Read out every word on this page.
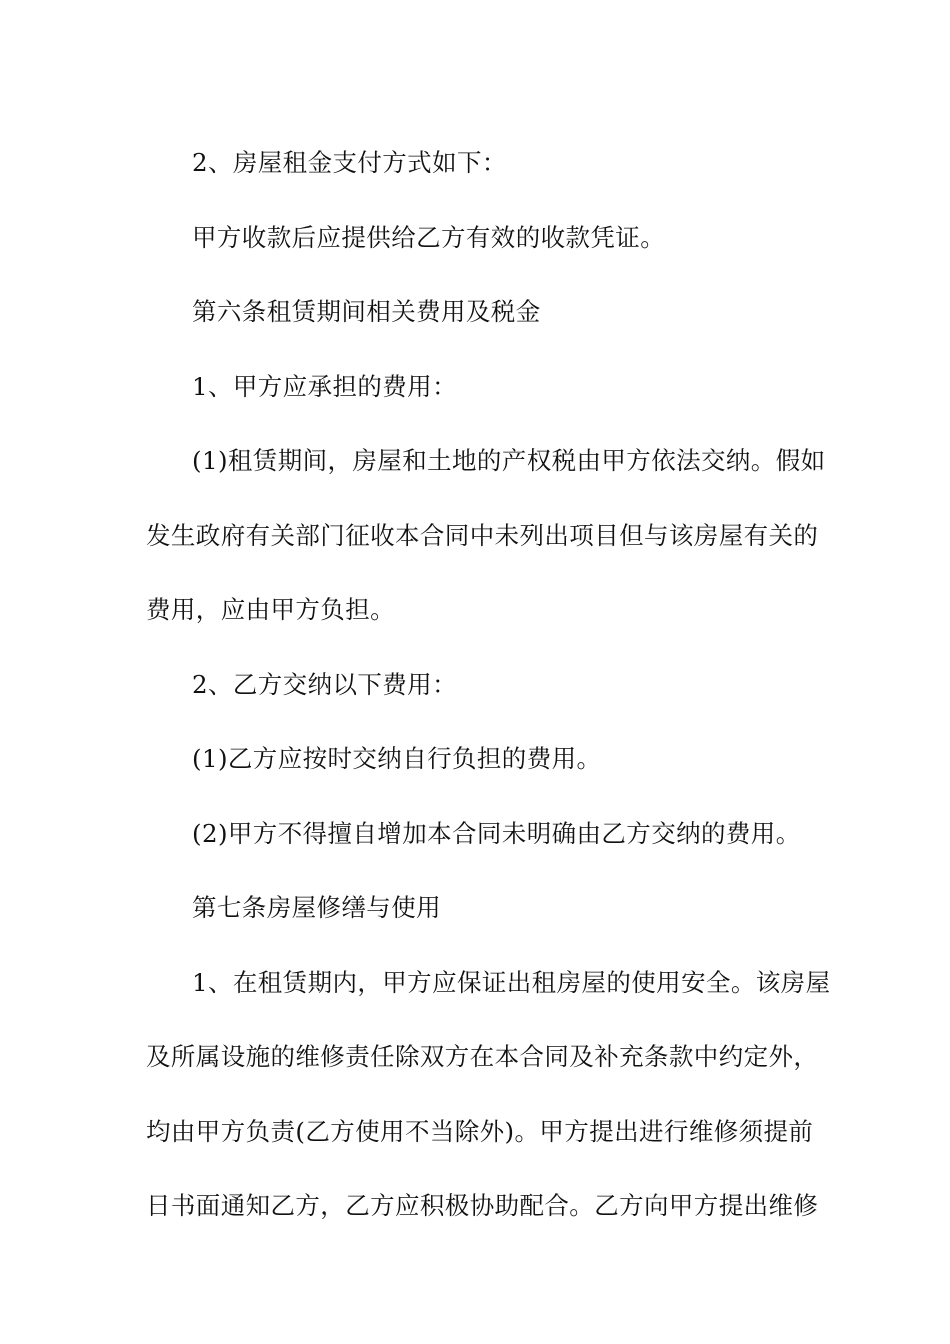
2、房屋租金支付方式如下：

甲方收款后应提供给乙方有效的收款凭证。

第六条租赁期间相关费用及税金

1、甲方应承担的费用：

(1)租赁期间，房屋和土地的产权税由甲方依法交纳。假如
发生政府有关部门征收本合同中未列出项目但与该房屋有关的
费用，应由甲方负担。

2、乙方交纳以下费用：

(1)乙方应按时交纳自行负担的费用。

(2)甲方不得擅自增加本合同未明确由乙方交纳的费用。

第七条房屋修缮与使用

1、在租赁期内，甲方应保证出租房屋的使用安全。该房屋
及所属设施的维修责任除双方在本合同及补充条款中约定外，
均由甲方负责(乙方使用不当除外)。甲方提出进行维修须提前
日书面通知乙方，乙方应积极协助配合。乙方向甲方提出维修
